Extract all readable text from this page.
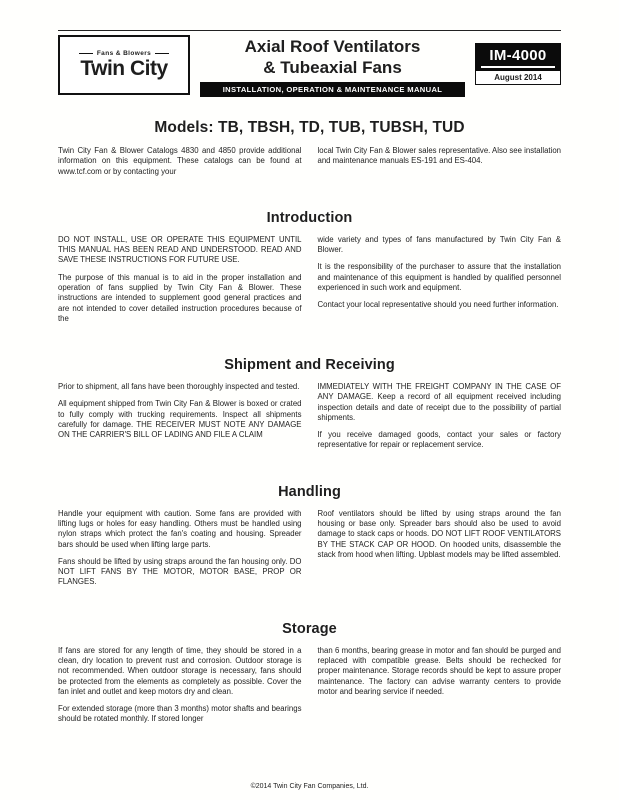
Fans & Blowers
Twin City
Axial Roof Ventilators
& Tubeaxial Fans
INSTALLATION, OPERATION & MAINTENANCE MANUAL
IM-4000
August 2014
Models: TB, TBSH, TD, TUB, TUBSH, TUD

Twin City Fan & Blower Catalogs 4830 and 4850 provide additional information on this equipment. These catalogs can be found at www.tcf.com or by contacting your

local Twin City Fan & Blower sales representative. Also see installation and maintenance manuals ES-191 and ES-404.

Introduction

DO NOT INSTALL, USE OR OPERATE THIS EQUIPMENT UNTIL THIS MANUAL HAS BEEN READ AND UNDERSTOOD. READ AND SAVE THESE INSTRUCTIONS FOR FUTURE USE.

The purpose of this manual is to aid in the proper installation and operation of fans supplied by Twin City Fan & Blower. These instructions are intended to supplement good general practices and are not intended to cover detailed instruction procedures because of the

wide variety and types of fans manufactured by Twin City Fan & Blower.

It is the responsibility of the purchaser to assure that the installation and maintenance of this equipment is handled by qualified personnel experienced in such work and equipment.

Contact your local representative should you need further information.

Shipment and Receiving

Prior to shipment, all fans have been thoroughly inspected and tested.

All equipment shipped from Twin City Fan & Blower is boxed or crated to fully comply with trucking requirements. Inspect all shipments carefully for damage. THE RECEIVER MUST NOTE ANY DAMAGE ON THE CARRIER'S BILL OF LADING AND FILE A CLAIM

IMMEDIATELY WITH THE FREIGHT COMPANY IN THE CASE OF ANY DAMAGE. Keep a record of all equipment received including inspection details and date of receipt due to the possibility of partial shipments.

If you receive damaged goods, contact your sales or factory representative for repair or replacement service.

Handling

Handle your equipment with caution. Some fans are provided with lifting lugs or holes for easy handling. Others must be handled using nylon straps which protect the fan's coating and housing. Spreader bars should be used when lifting large parts.

Fans should be lifted by using straps around the fan housing only. DO NOT LIFT FANS BY THE MOTOR, MOTOR BASE, PROP OR FLANGES.

Roof ventilators should be lifted by using straps around the fan housing or base only. Spreader bars should also be used to avoid damage to stack caps or hoods. DO NOT LIFT ROOF VENTILATORS BY THE STACK CAP OR HOOD. On hooded units, disassemble the stack from hood when lifting. Upblast models may be lifted assembled.

Storage

If fans are stored for any length of time, they should be stored in a clean, dry location to prevent rust and corrosion. Outdoor storage is not recommended. When outdoor storage is necessary, fans should be protected from the elements as completely as possible. Cover the fan inlet and outlet and keep motors dry and clean.

For extended storage (more than 3 months) motor shafts and bearings should be rotated monthly. If stored longer

than 6 months, bearing grease in motor and fan should be purged and replaced with compatible grease. Belts should be rechecked for proper maintenance. Storage records should be kept to assure proper maintenance. The factory can advise warranty centers to provide motor and bearing service if needed.

©2014 Twin City Fan Companies, Ltd.
